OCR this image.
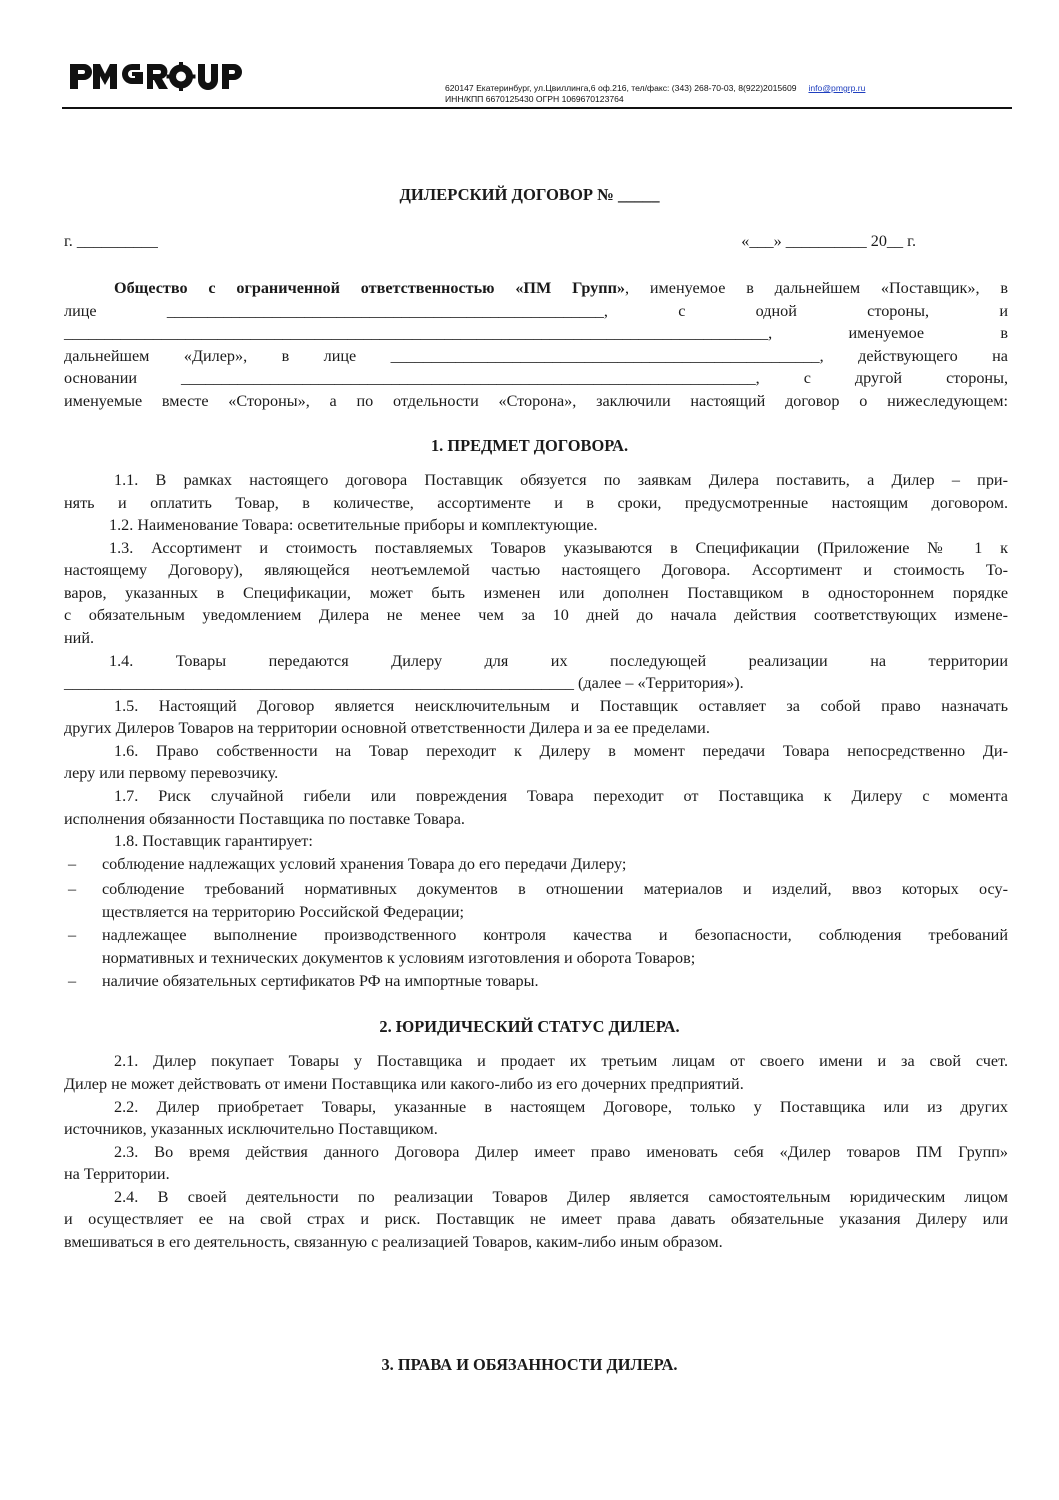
620147 Екатеринбург, ул.Цвиллинга,6 оф.216, тел/факс: (343) 268-70-03, 8(922)2015609 info@pmgrp.ru
ИНН/КПП 6670125430 ОГРН 1069670123764
ДИЛЕРСКИЙ ДОГОВОР № _____
г. __________	«___» __________ 20__ г.
Общество с ограниченной ответственностью «ПМ Групп», именуемое в дальнейшем «Поставщик», в
лице ______________________________________________________, с одной стороны, и
_______________________________________________________________________________________, именуемое в
дальнейшем «Дилер», в лице _____________________________________________________, действующего на
основании _______________________________________________________________________, с другой стороны,
именуемые вместе «Стороны», а по отдельности «Сторона», заключили настоящий договор о нижеследующем:
1. ПРЕДМЕТ ДОГОВОРА.
1.1. В рамках настоящего договора Поставщик обязуется по заявкам Дилера поставить, а Дилер – при-
нять и оплатить Товар, в количестве, ассортименте и в сроки, предусмотренные настоящим договором.
1.2. Наименование Товара: осветительные приборы и комплектующие.
1.3. Ассортимент и стоимость поставляемых Товаров указываются в Спецификации (Приложение № 1 к
настоящему Договору), являющейся неотъемлемой частью настоящего Договора. Ассортимент и стоимость То-
варов, указанных в Спецификации, может быть изменен или дополнен Поставщиком в одностороннем порядке
с обязательным уведомлением Дилера не менее чем за 10 дней до начала действия соответствующих измене-
ний.
1.4. Товары передаются Дилеру для их последующей реализации на территории
_______________________________________________________________ (далее – «Территория»).
1.5. Настоящий Договор является неисключительным и Поставщик оставляет за собой право назначать
других Дилеров Товаров на территории основной ответственности Дилера и за ее пределами.
1.6. Право собственности на Товар переходит к Дилеру в момент передачи Товара непосредственно Ди-
леру или первому перевозчику.
1.7. Риск случайной гибели или повреждения Товара переходит от Поставщика к Дилеру с момента
исполнения обязанности Поставщика по поставке Товара.
1.8. Поставщик гарантирует:
– соблюдение надлежащих условий хранения Товара до его передачи Дилеру;
– соблюдение требований нормативных документов в отношении материалов и изделий, ввоз которых осу-
ществляется на территорию Российской Федерации;
– надлежащее выполнение производственного контроля качества и безопасности, соблюдения требований
нормативных и технических документов к условиям изготовления и оборота Товаров;
– наличие обязательных сертификатов РФ на импортные товары.
2. ЮРИДИЧЕСКИЙ СТАТУС ДИЛЕРА.
2.1. Дилер покупает Товары у Поставщика и продает их третьим лицам от своего имени и за свой счет.
Дилер не может действовать от имени Поставщика или какого-либо из его дочерних предприятий.
2.2. Дилер приобретает Товары, указанные в настоящем Договоре, только у Поставщика или из других
источников, указанных исключительно Поставщиком.
2.3. Во время действия данного Договора Дилер имеет право именовать себя «Дилер товаров ПМ Групп»
на Территории.
2.4. В своей деятельности по реализации Товаров Дилер является самостоятельным юридическим лицом
и осуществляет ее на свой страх и риск. Поставщик не имеет права давать обязательные указания Дилеру или
вмешиваться в его деятельность, связанную с реализацией Товаров, каким-либо иным образом.
3. ПРАВА И ОБЯЗАННОСТИ ДИЛЕРА.
